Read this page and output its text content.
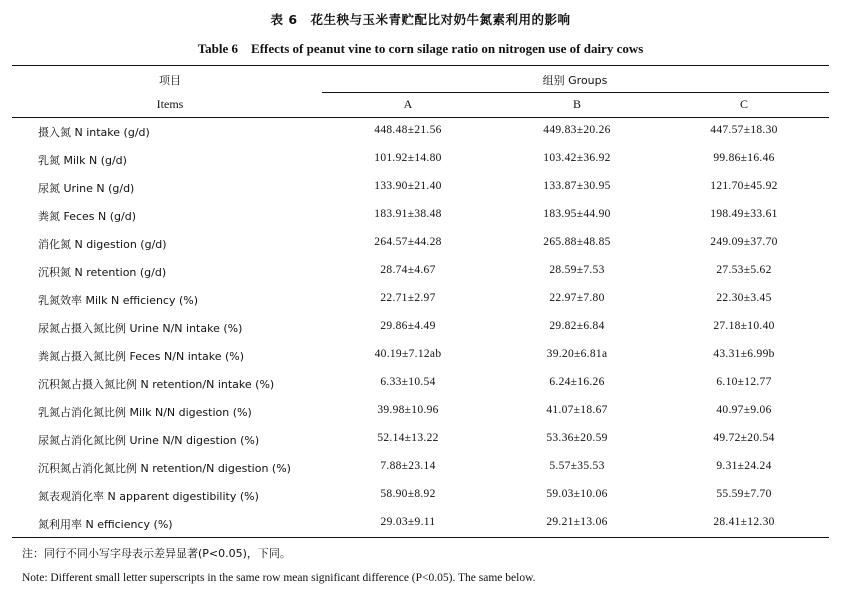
表 6　花生秧与玉米青贮配比对奶牛氮素利用的影响
Table 6　Effects of peanut vine to corn silage ratio on nitrogen use of dairy cows
项目
Items
组别 Groups
A	B	C
摄入氮 N intake (g/d)	448.48±21.56	449.83±20.26	447.57±18.30
乳氮 Milk N (g/d)	101.92±14.80	103.42±36.92	99.86±16.46
尿氮 Urine N (g/d)	133.90±21.40	133.87±30.95	121.70±45.92
粪氮 Feces N (g/d)	183.91±38.48	183.95±44.90	198.49±33.61
消化氮 N digestion (g/d)	264.57±44.28	265.88±48.85	249.09±37.70
沉积氮 N retention (g/d)	28.74±4.67	28.59±7.53	27.53±5.62
乳氮效率 Milk N efficiency (%)	22.71±2.97	22.97±7.80	22.30±3.45
尿氮占摄入氮比例 Urine N/N intake (%)	29.86±4.49	29.82±6.84	27.18±10.40
粪氮占摄入氮比例 Feces N/N intake (%)	40.19±7.12ab	39.20±6.81a	43.31±6.99b
沉积氮占摄入氮比例 N retention/N intake (%)	6.33±10.54	6.24±16.26	6.10±12.77
乳氮占消化氮比例 Milk N/N digestion (%)	39.98±10.96	41.07±18.67	40.97±9.06
尿氮占消化氮比例 Urine N/N digestion (%)	52.14±13.22	53.36±20.59	49.72±20.54
沉积氮占消化氮比例 N retention/N digestion (%)	7.88±23.14	5.57±35.53	9.31±24.24
氮表观消化率 N apparent digestibility (%)	58.90±8.92	59.03±10.06	55.59±7.70
氮利用率 N efficiency (%)	29.03±9.11	29.21±13.06	28.41±12.30
注：同行不同小写字母表示差异显著(P<0.05)，下同。
Note: Different small letter superscripts in the same row mean significant difference (P<0.05). The same below.
